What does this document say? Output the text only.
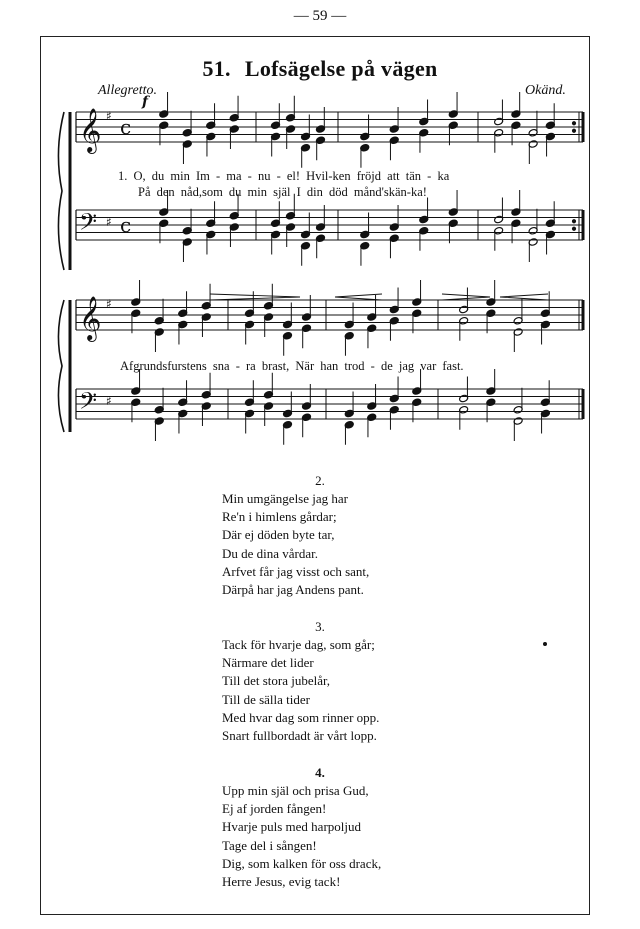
— 59 —
51. Lofsägelse på vägen
Allegretto.	Okänd.
f
𝄞 ♯ c
𝄢 ♯ c
𝄞 ♯
𝄢 ♯
1. O, du min Im - ma - nu - el! Hvil-ken fröjd att tän - ka
På den nåd,som du min själ I din död månd'skän-ka!
Afgrundsfurstens sna - ra brast, När han trod - de jag var fast.
2.
Min umgängelse jag har
Re'n i himlens gårdar;
Där ej döden byte tar,
Du de dina vårdar.
Arfvet får jag visst och sant,
Därpå har jag Andens pant.
3.
Tack för hvarje dag, som går;
Närmare det lider
Till det stora jubelår,
Till de sälla tider
Med hvar dag som rinner opp.
Snart fullbordadt är vårt lopp.
4.
Upp min själ och prisa Gud,
Ej af jorden fången!
Hvarje puls med harpoljud
Tage del i sången!
Dig, som kalken för oss drack,
Herre Jesus, evig tack!
